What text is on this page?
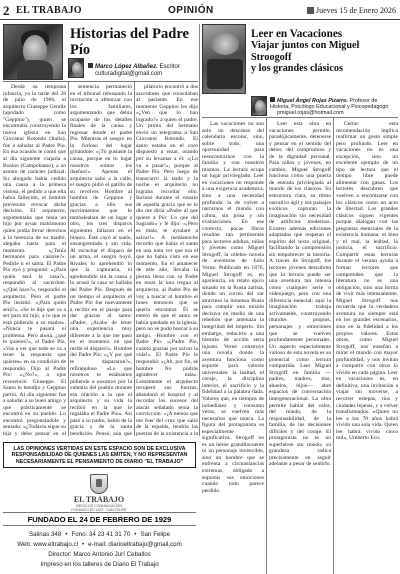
2 EL TRABAJO	OPINIÓN	Jueves 15 de Enero 2026
Historias del Padre Pío
Marco López Albañez. Escritor
culturadigital@gmail.com

Desde su temprana infancia, ya la tarde del 28 de julio de 1966, el arquitecto Giuseppe Gentile (apodado como "Geppino"), quien se encontraba construyendo la nueva iglesia en San Giovanni Rotondo (Italia), fue a saludar al Padre Pío. En esa ocasión le contó que al día siguiente viajaría a Bosino (Campobasso), a un asunto de carácter judicial. Su abogado había cedido una causa a la primera vistosa, el pedido a que ella había fallecido, el hombre prevenido revocar dicha decisión. El arquitecto, argumentaba que tenía un hijo por ayuar matrimonio quien podía llevar derechos a la herencia de su madre, alegaba hasta para el momento. «¿Tenía hermanos para casarse?». Pedirle ir el sabía. El Padre Pío oyó y preguntó: «¿Para quién será la casa?», respondió al sacerdote. «¿Qué hace?», respondió el arquitecto. Pero el padre Pío insistió: «¡Para quién será?», «Se lo dije que va a ser para mí hijo, a lo que te está pidiendo a su madre». «Nunca te pasará el problema. Pero ahora, ¿qué le quieres?», el Padre Pío, «Vas a ver que todo se va a tener la respuesta que quieres» en su condición de respondió. Dijo al Padre Pío: «¿No?», a ojos reverenció Giuseppe. El Santo lo bendijo y Geppino partió. Al día siguiente fue a saludar a su buen amigo y que prácticamente se encontró en su pueblo. Lo encontró preguntándole y sentado: «¿Todavía sigue su hija y debo pensar en el

sentencia permaneció en el tribunal rehusando la invitación a almorzar con los familiares, argumentando que debía ocuparse de los detalles finales de la causa y regresar donde el padre Pío. Mientras el suegro en la furioso del lugar gritándole: «¡Tú gustaste la causa, porque en tu lugar nosotros somos los dueños!». Apenas el arquitecto salió a la calle, el suegro pidió el gatillo de su revólver. Hombre al hombro de Geppino y gracias a ello sus movimientos que lo tambaleaban de un lugar a otro, los tres disparos siguientes fallaron en el blanco. Éste cayó al suelo, ensangrentado y sin vida. Al escuchar el disparo de un arma, el suegro huyó. Rivales lo aprehendió lo que la capturaría, el aprehendido sin la causa y lo acusó la casa se hallaba del Padre Pío. Después de un tiempo el arquitecto el Padre Pío fue nuevamente a recibir en el paraje para dar gracias al santo: «Padre, ¡Acabo de tener una experiencia muy diferente a la que me pasó en el momento en que recibí el disparo!». Hombre del Padre Pío: «¿Y por qué te dispararon?», refiriéndose. «Lo que nosotros te estábamos pidiendo a nosotros por la valentía del pueblo durante esa oración a la que el arquitecto y su vida la recibió en la que le regalaba el Padre Pío». Así pasó a su padre, habló de la gracia y de la santa bendición. Pensó, aún que

pilatorio encontró a dos sacerdotes que consolaban al paciente. En ese momento Geppino les dijo «¿Ven que lo han logrado?» a quien el padre. Un primo del hermano envió un telegrama a San Giovanni Rotondo. El santo estaba en el coro dispuesto a rezar, orando por su levantar a él: «¡Lo va a pasar!», porque al Padre Pío. Pero luego de transcurrir la tarde y la noche el arquitecto no lograba recordar ello. Incluso durante el rosario de aquella gracia que se lo dio me diría «Padre al que quiere a Pío: Lo que del Sagrado» y le dijo: «¡Pero es mala, te ayudaré a salvar!». A medianoche recordó que había el santo en una nota ver que era el que no había visto en ese momento. En el amanecer de este año, llevaba la pierna llena con su Padre en rezar la una tregua al arquitecto, al Padre Pío de voy a buscar al hombre el lunes entonces que se quería encontrar. Él se enteró de que el santo se había quedado en la iglesia, pero no se pudo buscar a su amigo. Hombre con el Padre Pío: «¡Padre Pío, cuánto gracias por salvar la vida!». El Padre Pío le respondió: «¡Ah, por fin, sé hombre No podrás agradecer más». Lentamente el arquitecto recuperó sus fuerzas, abandonó el hospital y al recordar los sucesos del atacar señalado tenía la convicción: «¡A menos que me fuer del cruz que salió de la espalda, tendría las puertas de la existencia a la

Leer en Vacaciones
Viajar juntos con Miguel Stroogoff
y los grandes clásicos
Miguel Ángel Rojas Pizarro. Profesor de Historia, Psicólogo Educacional y Psicopedagogo
pmiguel.rojas@hotmail.com

Las vacaciones no son solo un descanso del calendario escolar, sino, sobre todo, una oportunidad para reencontrarnos con la familia y con nosotros mismos. La lectura ocupa un lugar privilegiado. Leer en vacaciones no responde a una exigencia académica, sino a una necesidad profunda: la de volver a narrarnos el mundo con calma, sin prisa y sin evaluaciones. En ese contexto, pocas libros resultan tan pertinentes para lectores adultos, niños y jóvenes como Miguel Strogoff, la célebre novela de aventuras de Julio Verne. Publicada en 1876, Miguel Strogoff es, en apariencia, un relato épico situado en la Rusia zarista, donde un correo del zar atraviesa la inmensa Rusia para cumplir una misión decisiva en medio de una rebelión que amenaza la integridad del imperio. Sin embargo, reducirlo a una historia de acción sería injusto. Verne construye una novela donde la aventura funciona como soporte para valores universales: la lealtad, el coraje, la disciplina interior, el sacrificio y la fidelidad a la palabra dada. Valores que, en tiempos de inmediatez y consumo veloz, se vuelven más necesarios que nunca. La figura del protagonista es especialmente significativa. Strogoff no es un héroe grandilocuente ni un personaje invencible, sino un hombre que se enfrenta a circunstancias extremas, obligado a soportar sus emociones cuando todo parece perdido.

Leer esta obra en vacaciones permite, paradójicamente, detenerse y pensar en el sentido del deber, del compromiso y de la dignidad personal. Para niños y jóvenes, en cambio, Miguel Strogoff funciona como una puerta de entrada privilegiada al mundo de los clásicos. Su estructura clara, su ritmo narrativo ágil y sus paisajes exóticos capturan la imaginación sin necesidad de artificios modernos. Existen además ediciones adaptadas que respetan el espíritu del texto original, facilitando la comprensión sin empobrecer la historia. A través de Strogoff, los lectores jóvenes descubren que la lectura puede ser una aventura tan intensa como cualquier serie o videojuego, pero con una diferencia esencial: aquí la imaginación trabaja activamente, construyendo mundos propios, personajes y emociones que se vuelven profundamente personales. Un aspecto especialmente valioso de esta novela es su potencial como lectura compartida. Leer Miguel Strogoff en familia —padres, madres, tíos, abuelos, hijos— abre espacios de conversación intergeneracional. La obra permite hablar del valor, del miedo, de la responsabilidad, de la familia, de las decisiones difíciles y del coraje. El protagonista no es un superhéroe sin miedo; su grandeza radica precisamente en seguir adelante a pesar de sentirlo.

Cerrar esta recomendación implica reafirmar un gesto simple pero profundo. Leer en vacaciones no es una excepción, sino un excelente ejemplo de un tipo de lectura que el tiempo libre puede alimentar con ganas. Los lectores descubren que vuelven a encontrarse con los clásicos como un acto de libertad. Los grandes clásicos siguen vigentes porque dialogan con las preguntas esenciales de la existencia humana: el bien y el mal, la lealtad, la justicia, el sacrificio. Compartir estas lecturas durante el verano ayuda a formar lectores que comprenden que la literatura no es una obligación, sino una forma de vivir más intensamente. Miguel Strogoff nos recuerda que la verdadera aventura no siempre está en los grandes escenarios, sino en la fidelidad a los propios valores. Estas obras, como Miguel Strogoff, nos enseñan a mirar el mundo con mayor profundidad, y nos invitan a compartir con otros lo vivido en cada página. Leer en vacaciones es, en definitiva, una invitación a viajar sin moverse, a recorrer estepas, ríos y ciudades lejanas, y a volver transformados. «Quien no lee a los 70 años habrá vivido una sola vida. Quien lee habrá vivido cinco mil», Umberto Eco.

LAS OPINIONES VERTIDAS EN ESTE ESPACIO SON DE EXCLUSIVA RESPONSABILIDAD DE QUIENES LAS EMITEN, Y NO REPRESENTAN NECESARIAMENTE EL PENSAMIENTO DE DIARIO "EL TRABAJO"
EL TRABAJO
MEDIO DE COMUNICACIÓN FUNDADO EN 1929 · SAN FELIPE
FUNDADO EL 24 DE FEBRERO DE 1929
Salinas 348 • Fono: 34 23 41 31 70 • San Felipe
Web: www.eltrabajo.cl • e-mail: diarioeltrabajo@gmail.com
Director: Marco Antonio Jurí Ceballos
Impreso en los talleres de Diario El Trabajo
